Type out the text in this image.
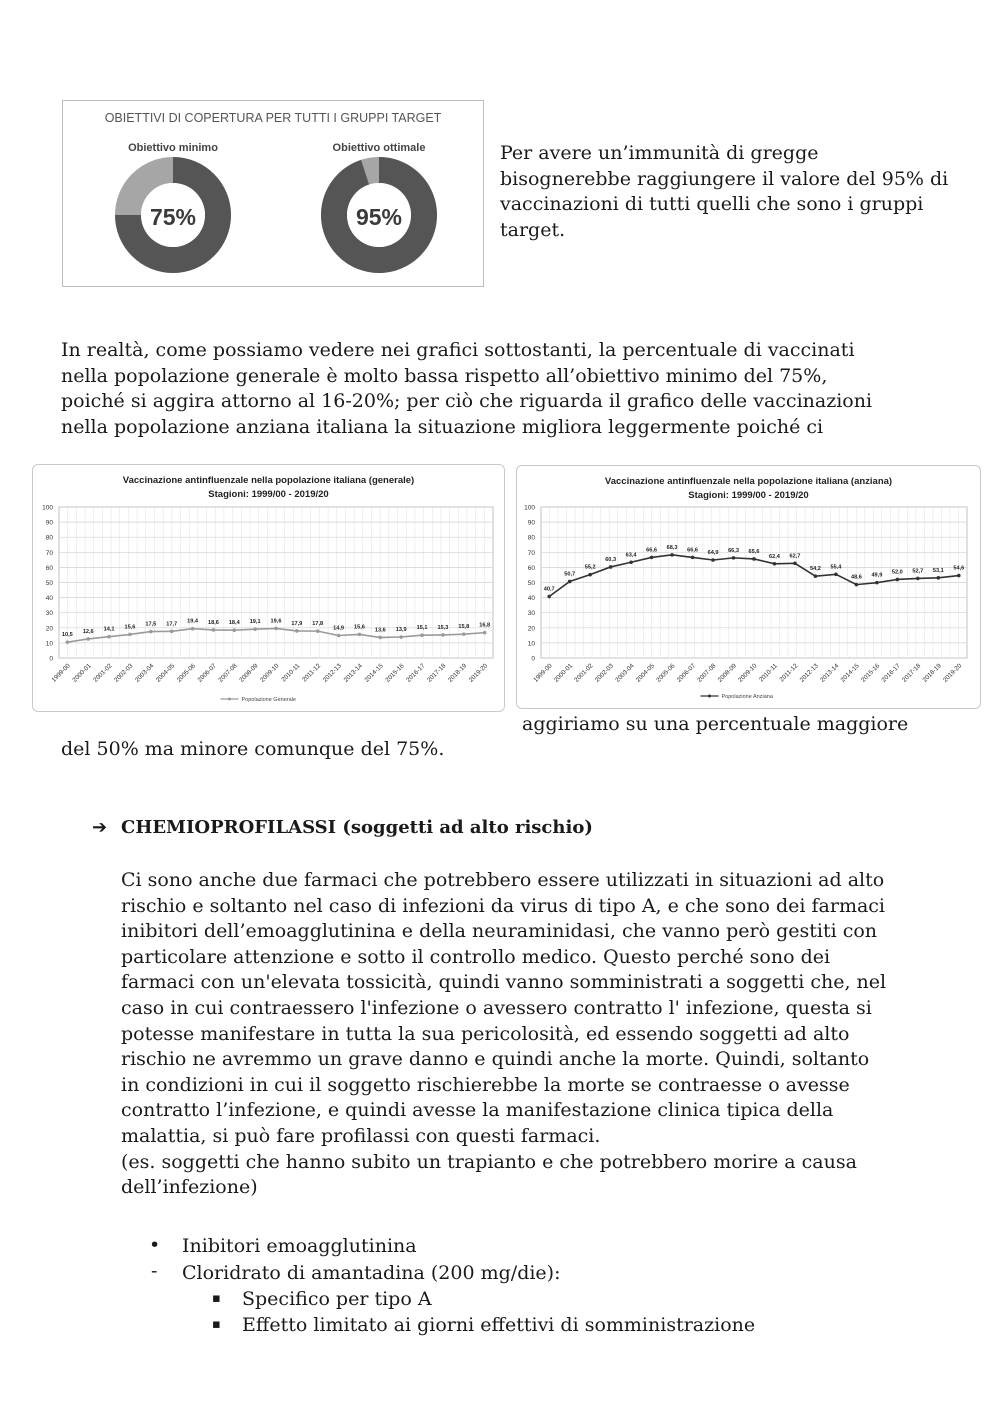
OBIETTIVI DI COPERTURA PER TUTTI I GRUPPI TARGET
Obiettivo minimo	Obiettivo ottimale
75%	95%
Per avere un’immunità di gregge bisognerebbe raggiungere il valore del 95% di vaccinazioni di tutti quelli che sono i gruppi target.
In realtà, come possiamo vedere nei grafici sottostanti, la percentuale di vaccinati
nella popolazione generale è molto bassa rispetto all’obiettivo minimo del 75%,
poiché si aggira attorno al 16-20%; per ciò che riguarda il grafico delle vaccinazioni
nella popolazione anziana italiana la situazione migliora leggermente poiché ci
Vaccinazione antinfluenzale nella popolazione italiana (generale)
Stagioni: 1999/00 - 2019/20
0
10
20
30
40
50
60
70
80
90
100
10,5
1999-00
12,6
2000-01
14,1
2001-02
15,6
2002-03
17,5
2003-04
17,7
2004-05
19,4
2005-06
18,6
2006-07
18,4
2007-08
19,1
2008-09
19,6
2009-10
17,9
2010-11
17,8
2011-12
14,9
2012-13
15,6
2013-14
13,6
2014-15
13,9
2015-16
15,1
2016-17
15,3
2017-18
15,8
2018-19
16,8
2019-20
Popolazione Generale
Vaccinazione antinfluenzale nella popolazione italiana (anziana)
Stagioni: 1999/00 - 2019/20
0
10
20
30
40
50
60
70
80
90
100
40,7
1999-00
50,7
2000-01
55,2
2001-02
60,3
2002-03
63,4
2003-04
66,6
2004-05
68,3
2005-06
66,6
2006-07
64,9
2007-08
66,3
2008-09
65,6
2009-10
62,4
2010-11
62,7
2011-12
54,2
2012-13
55,4
2013-14
48,6
2014-15
49,9
2015-16
52,0
2016-17
52,7
2017-18
53,1
2018-19
54,6
2019-20
Popolazione Anziana
aggiriamo su una percentuale maggiore
del 50% ma minore comunque del 75%.
➔ CHEMIOPROFILASSI (soggetti ad alto rischio)
Ci sono anche due farmaci che potrebbero essere utilizzati in situazioni ad alto
rischio e soltanto nel caso di infezioni da virus di tipo A, e che sono dei farmaci
inibitori dell’emoagglutinina e della neuraminidasi, che vanno però gestiti con
particolare attenzione e sotto il controllo medico. Questo perché sono dei
farmaci con un'elevata tossicità, quindi vanno somministrati a soggetti che, nel
caso in cui contraessero l'infezione o avessero contratto l' infezione, questa si
potesse manifestare in tutta la sua pericolosità, ed essendo soggetti ad alto
rischio ne avremmo un grave danno e quindi anche la morte. Quindi, soltanto
in condizioni in cui il soggetto rischierebbe la morte se contraesse o avesse
contratto l’infezione, e quindi avesse la manifestazione clinica tipica della
malattia, si può fare profilassi con questi farmaci.
(es. soggetti che hanno subito un trapianto e che potrebbero morire a causa
dell’infezione)
• Inibitori emoagglutinina
- Cloridrato di amantadina (200 mg/die):
▪ Specifico per tipo A
▪ Effetto limitato ai giorni effettivi di somministrazione
